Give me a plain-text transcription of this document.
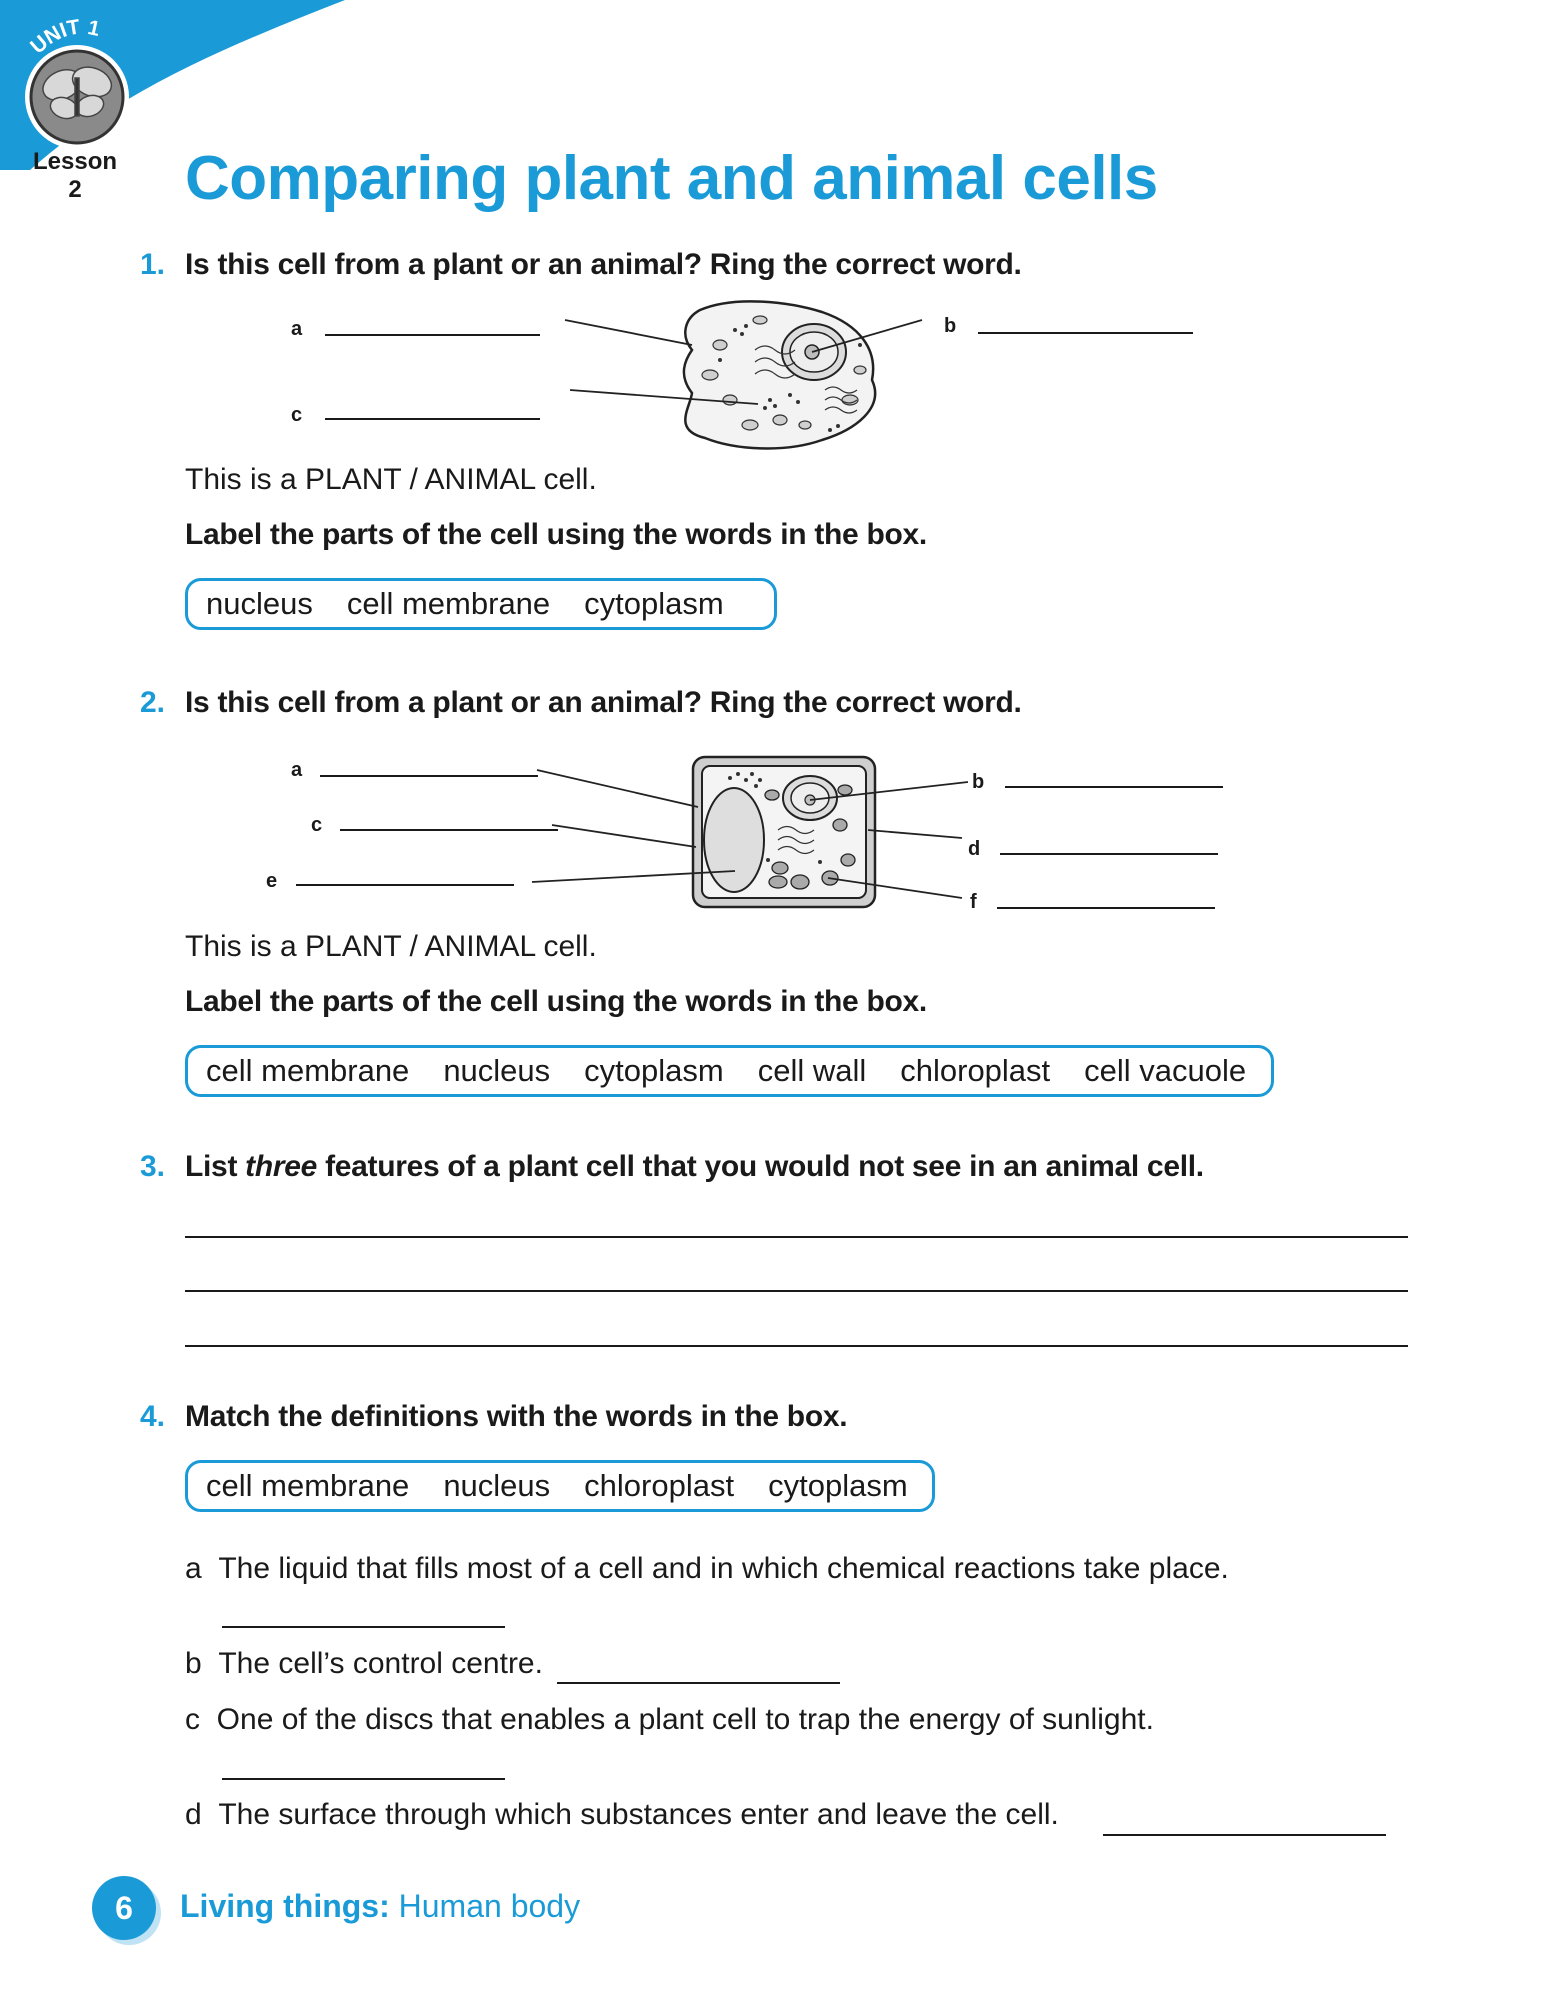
UNIT 1
Lesson
2	Comparing plant and animal cells
1. Is this cell from a plant or an animal? Ring the correct word.
a	b
c
This is a PLANT / ANIMAL cell.
Label the parts of the cell using the words in the box.
nucleus cell membrane cytoplasm
2. Is this cell from a plant or an animal? Ring the correct word.
a
c
e
b
d
f
This is a PLANT / ANIMAL cell.
Label the parts of the cell using the words in the box.
cell membrane nucleus cytoplasm cell wall chloroplast cell vacuole
3. List three features of a plant cell that you would not see in an animal cell.
4. Match the definitions with the words in the box.
cell membrane nucleus chloroplast cytoplasm
a The liquid that fills most of a cell and in which chemical reactions take place.
b The cell’s control centre.
c One of the discs that enables a plant cell to trap the energy of sunlight.
d The surface through which substances enter and leave the cell.
6	Living things: Human body
